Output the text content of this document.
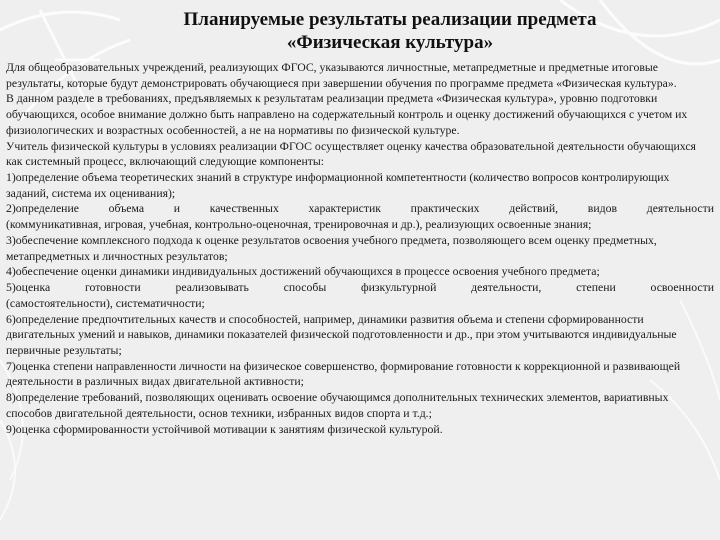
Планируемые результаты реализации предмета
«Физическая культура»

Для общеобразовательных учреждений, реализующих ФГОС, указываются личностные, метапредметные и предметные итоговые результаты, которые будут демонстрировать обучающиеся при завершении обучения по программе предмета «Физическая культура».

В данном разделе в требованиях, предъявляемых к результатам реализации предмета «Физическая культура», уровню подготовки обучающихся, особое внимание должно быть направлено на содержательный контроль и оценку достижений обучающихся с учетом их физиологических и возрастных особенностей, а не на нормативы по физической культуре.

Учитель физической культуры в условиях реализации ФГОС осуществляет оценку качества образовательной деятельности обучающихся как системный процесс, включающий следующие компоненты:

1)определение объема теоретических знаний в структуре информационной компетентности (количество вопросов контролирующих заданий, система их оценивания);

2)определение объема и качественных характеристик практических действий, видов деятельности

(коммуникативная, игровая, учебная, контрольно-оценочная, тренировочная и др.), реализующих освоенные знания;

3)обеспечение комплексного подхода к оценке результатов освоения учебного предмета, позволяющего всем оценку предметных, метапредметных и личностных результатов;

4)обеспечение оценки динамики индивидуальных достижений обучающихся в процессе освоения учебного предмета;

5)оценка готовности реализовывать способы физкультурной деятельности, степени освоенности

(самостоятельности), систематичности;

6)определение предпочтительных качеств и способностей, например, динамики развития объема и степени сформированности двигательных умений и навыков, динамики показателей физической подготовленности и др., при этом учитываются индивидуальные первичные результаты;

7)оценка степени направленности личности на физическое совершенство, формирование готовности к коррекционной и развивающей деятельности в различных видах двигательной активности;

8)определение требований, позволяющих оценивать освоение обучающимся дополнительных технических элементов, вариативных способов двигательной деятельности, основ техники, избранных видов спорта и т.д.;

9)оценка сформированности устойчивой мотивации к занятиям физической культурой.
